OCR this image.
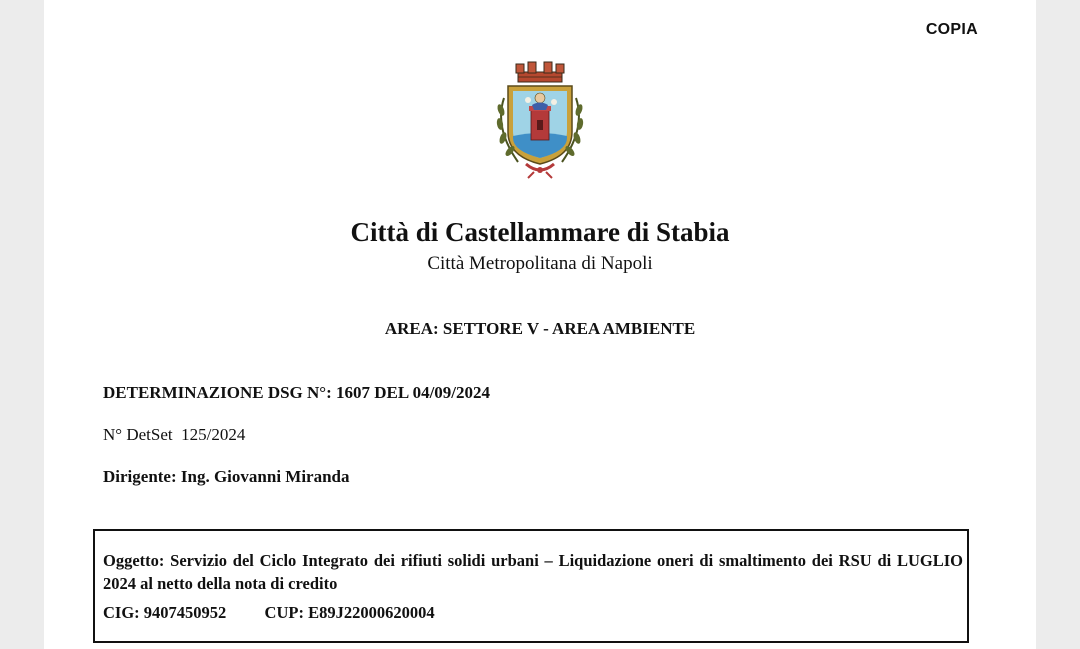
COPIA
Città di Castellammare di Stabia
Città Metropolitana di Napoli
AREA: SETTORE V - AREA AMBIENTE
DETERMINAZIONE DSG N°: 1607 DEL 04/09/2024
N° DetSet 125/2024
Dirigente: Ing. Giovanni Miranda
Oggetto: Servizio del Ciclo Integrato dei rifiuti solidi urbani – Liquidazione oneri di smaltimento dei RSU di LUGLIO 2024 al netto della nota di credito
CIG: 9407450952 CUP: E89J22000620004
